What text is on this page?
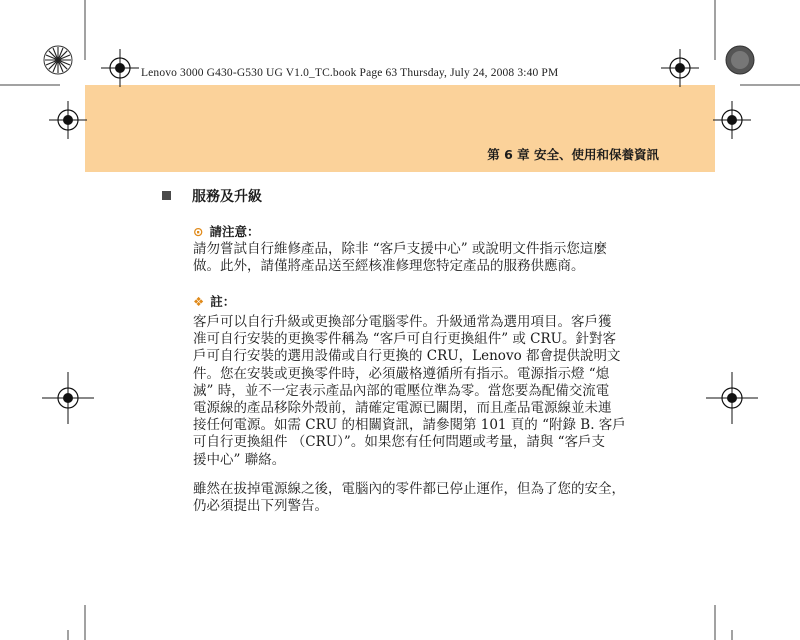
第 6 章 安全、使用和保養資訊
Lenovo 3000 G430-G530 UG V1.0_TC.book Page 63 Thursday, July 24, 2008 3:40 PM
服務及升級
⊙ 請注意：
請勿嘗試自行維修產品，除非 “客戶支援中心” 或說明文件指示您這麼
做。此外，請僅將產品送至經核准修理您特定產品的服務供應商。
❖ 註：
客戶可以自行升級或更換部分電腦零件。升級通常為選用項目。客戶獲
准可自行安裝的更換零件稱為 “客戶可自行更換組件” 或 CRU。針對客
戶可自行安裝的選用設備或自行更換的 CRU，Lenovo 都會提供說明文
件。您在安裝或更換零件時，必須嚴格遵循所有指示。電源指示燈 “熄
滅” 時，並不一定表示產品內部的電壓位準為零。當您要為配備交流電
電源線的產品移除外殼前，請確定電源已關閉，而且產品電源線並未連
接任何電源。如需 CRU 的相關資訊，請參閱第 101 頁的 “附錄 B. 客戶
可自行更換組件 （CRU）”。如果您有任何問題或考量，請與 “客戶支
援中心” 聯絡。
雖然在拔掉電源線之後，電腦內的零件都已停止運作，但為了您的安全，
仍必須提出下列警告。
